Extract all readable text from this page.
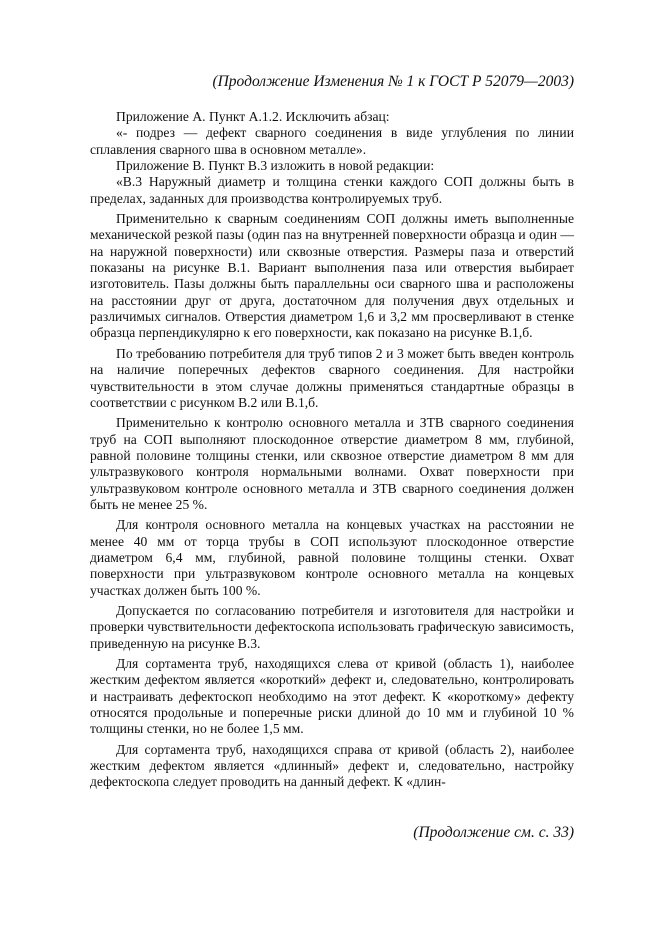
(Продолжение Изменения № 1 к ГОСТ Р 52079—2003)

Приложение А. Пункт А.1.2. Исключить абзац:

«- подрез — дефект сварного соединения в виде углубления по линии сплавления сварного шва в основном металле».

Приложение В. Пункт В.3 изложить в новой редакции:

«В.3 Наружный диаметр и толщина стенки каждого СОП должны быть в пределах, заданных для производства контролируемых труб.

Применительно к сварным соединениям СОП должны иметь выполненные механической резкой пазы (один паз на внутренней поверхности образца и один — на наружной поверхности) или сквозные отверстия. Размеры паза и отверстий показаны на рисунке В.1. Вариант выполнения паза или отверстия выбирает изготовитель. Пазы должны быть параллельны оси сварного шва и расположены на расстоянии друг от друга, достаточном для получения двух отдельных и различимых сигналов. Отверстия диаметром 1,6 и 3,2 мм просверливают в стенке образца перпендикулярно к его поверхности, как показано на рисунке В.1,б.

По требованию потребителя для труб типов 2 и 3 может быть введен контроль на наличие поперечных дефектов сварного соединения. Для настройки чувствительности в этом случае должны применяться стандартные образцы в соответствии с рисунком В.2 или В.1,б.

Применительно к контролю основного металла и ЗТВ сварного соединения труб на СОП выполняют плоскодонное отверстие диаметром 8 мм, глубиной, равной половине толщины стенки, или сквозное отверстие диаметром 8 мм для ультразвукового контроля нормальными волнами. Охват поверхности при ультразвуковом контроле основного металла и ЗТВ сварного соединения должен быть не менее 25 %.

Для контроля основного металла на концевых участках на расстоянии не менее 40 мм от торца трубы в СОП используют плоскодонное отверстие диаметром 6,4 мм, глубиной, равной половине толщины стенки. Охват поверхности при ультразвуковом контроле основного металла на концевых участках должен быть 100 %.

Допускается по согласованию потребителя и изготовителя для настройки и проверки чувствительности дефектоскопа использовать графическую зависимость, приведенную на рисунке В.3.

Для сортамента труб, находящихся слева от кривой (область 1), наиболее жестким дефектом является «короткий» дефект и, следовательно, контролировать и настраивать дефектоскоп необходимо на этот дефект. К «короткому» дефекту относятся продольные и поперечные риски длиной до 10 мм и глубиной 10 % толщины стенки, но не более 1,5 мм.

Для сортамента труб, находящихся справа от кривой (область 2), наиболее жестким дефектом является «длинный» дефект и, следовательно, настройку дефектоскопа следует проводить на данный дефект. К «длин-

(Продолжение см. с. 33)
